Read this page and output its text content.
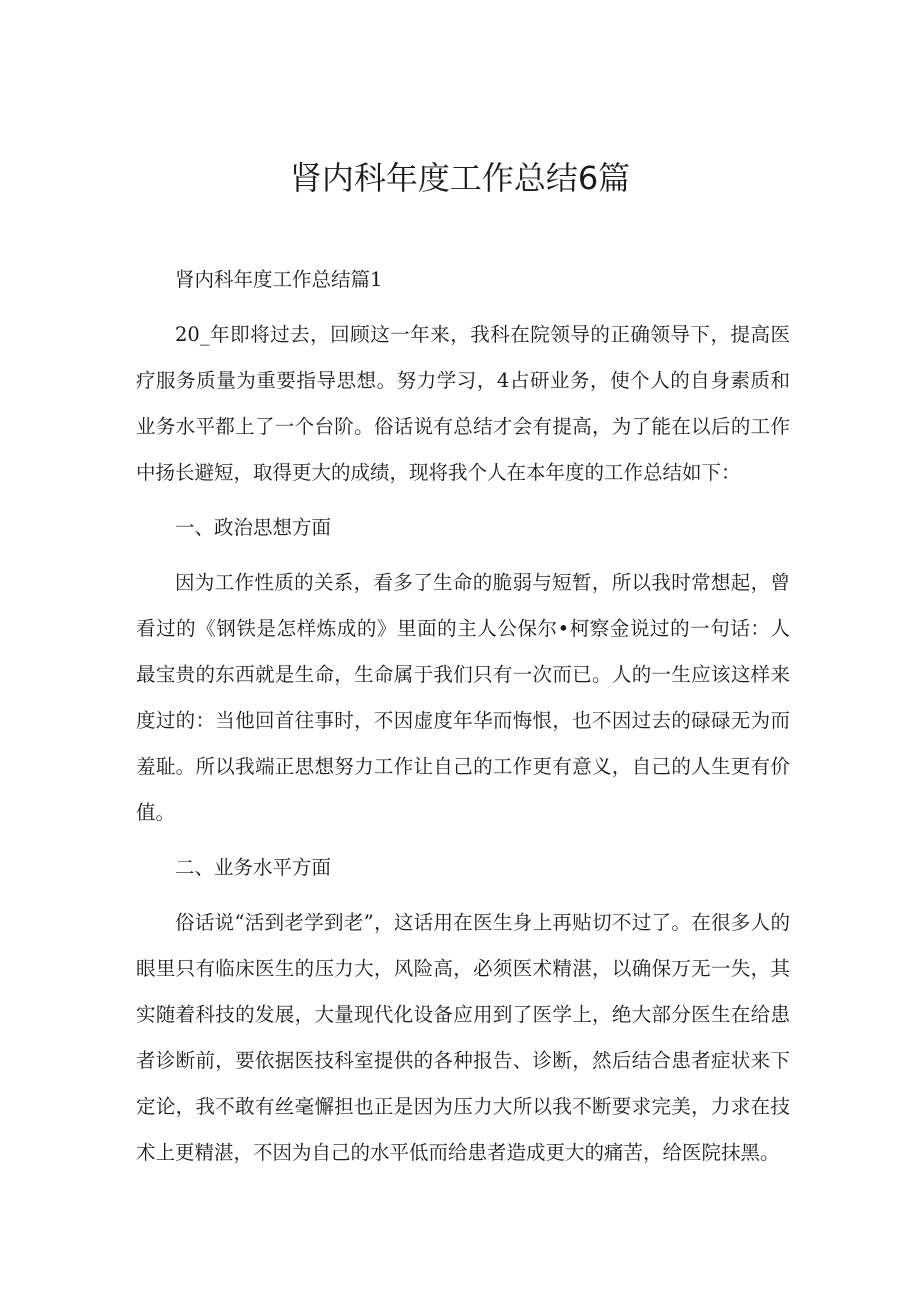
肾内科年度工作总结6篇

肾内科年度工作总结篇1

20_年即将过去，回顾这一年来，我科在院领导的正确领导下，提高医疗服务质量为重要指导思想。努力学习，4占研业务，使个人的自身素质和业务水平都上了一个台阶。俗话说有总结才会有提高，为了能在以后的工作中扬长避短，取得更大的成绩，现将我个人在本年度的工作总结如下：

一、政治思想方面

因为工作性质的关系，看多了生命的脆弱与短暂，所以我时常想起，曾看过的《钢铁是怎样炼成的》里面的主人公保尔•柯察金说过的一句话：人最宝贵的东西就是生命，生命属于我们只有一次而已。人的一生应该这样来度过的：当他回首往事时，不因虚度年华而悔恨，也不因过去的碌碌无为而羞耻。所以我端正思想努力工作让自己的工作更有意义，自己的人生更有价值。

二、业务水平方面

俗话说“活到老学到老”，这话用在医生身上再贴切不过了。在很多人的眼里只有临床医生的压力大，风险高，必须医术精湛，以确保万无一失，其实随着科技的发展，大量现代化设备应用到了医学上，绝大部分医生在给患者诊断前，要依据医技科室提供的各种报告、诊断，然后结合患者症状来下定论，我不敢有丝毫懈担也正是因为压力大所以我不断要求完美，力求在技术上更精湛，不因为自己的水平低而给患者造成更大的痛苦，给医院抹黑。
